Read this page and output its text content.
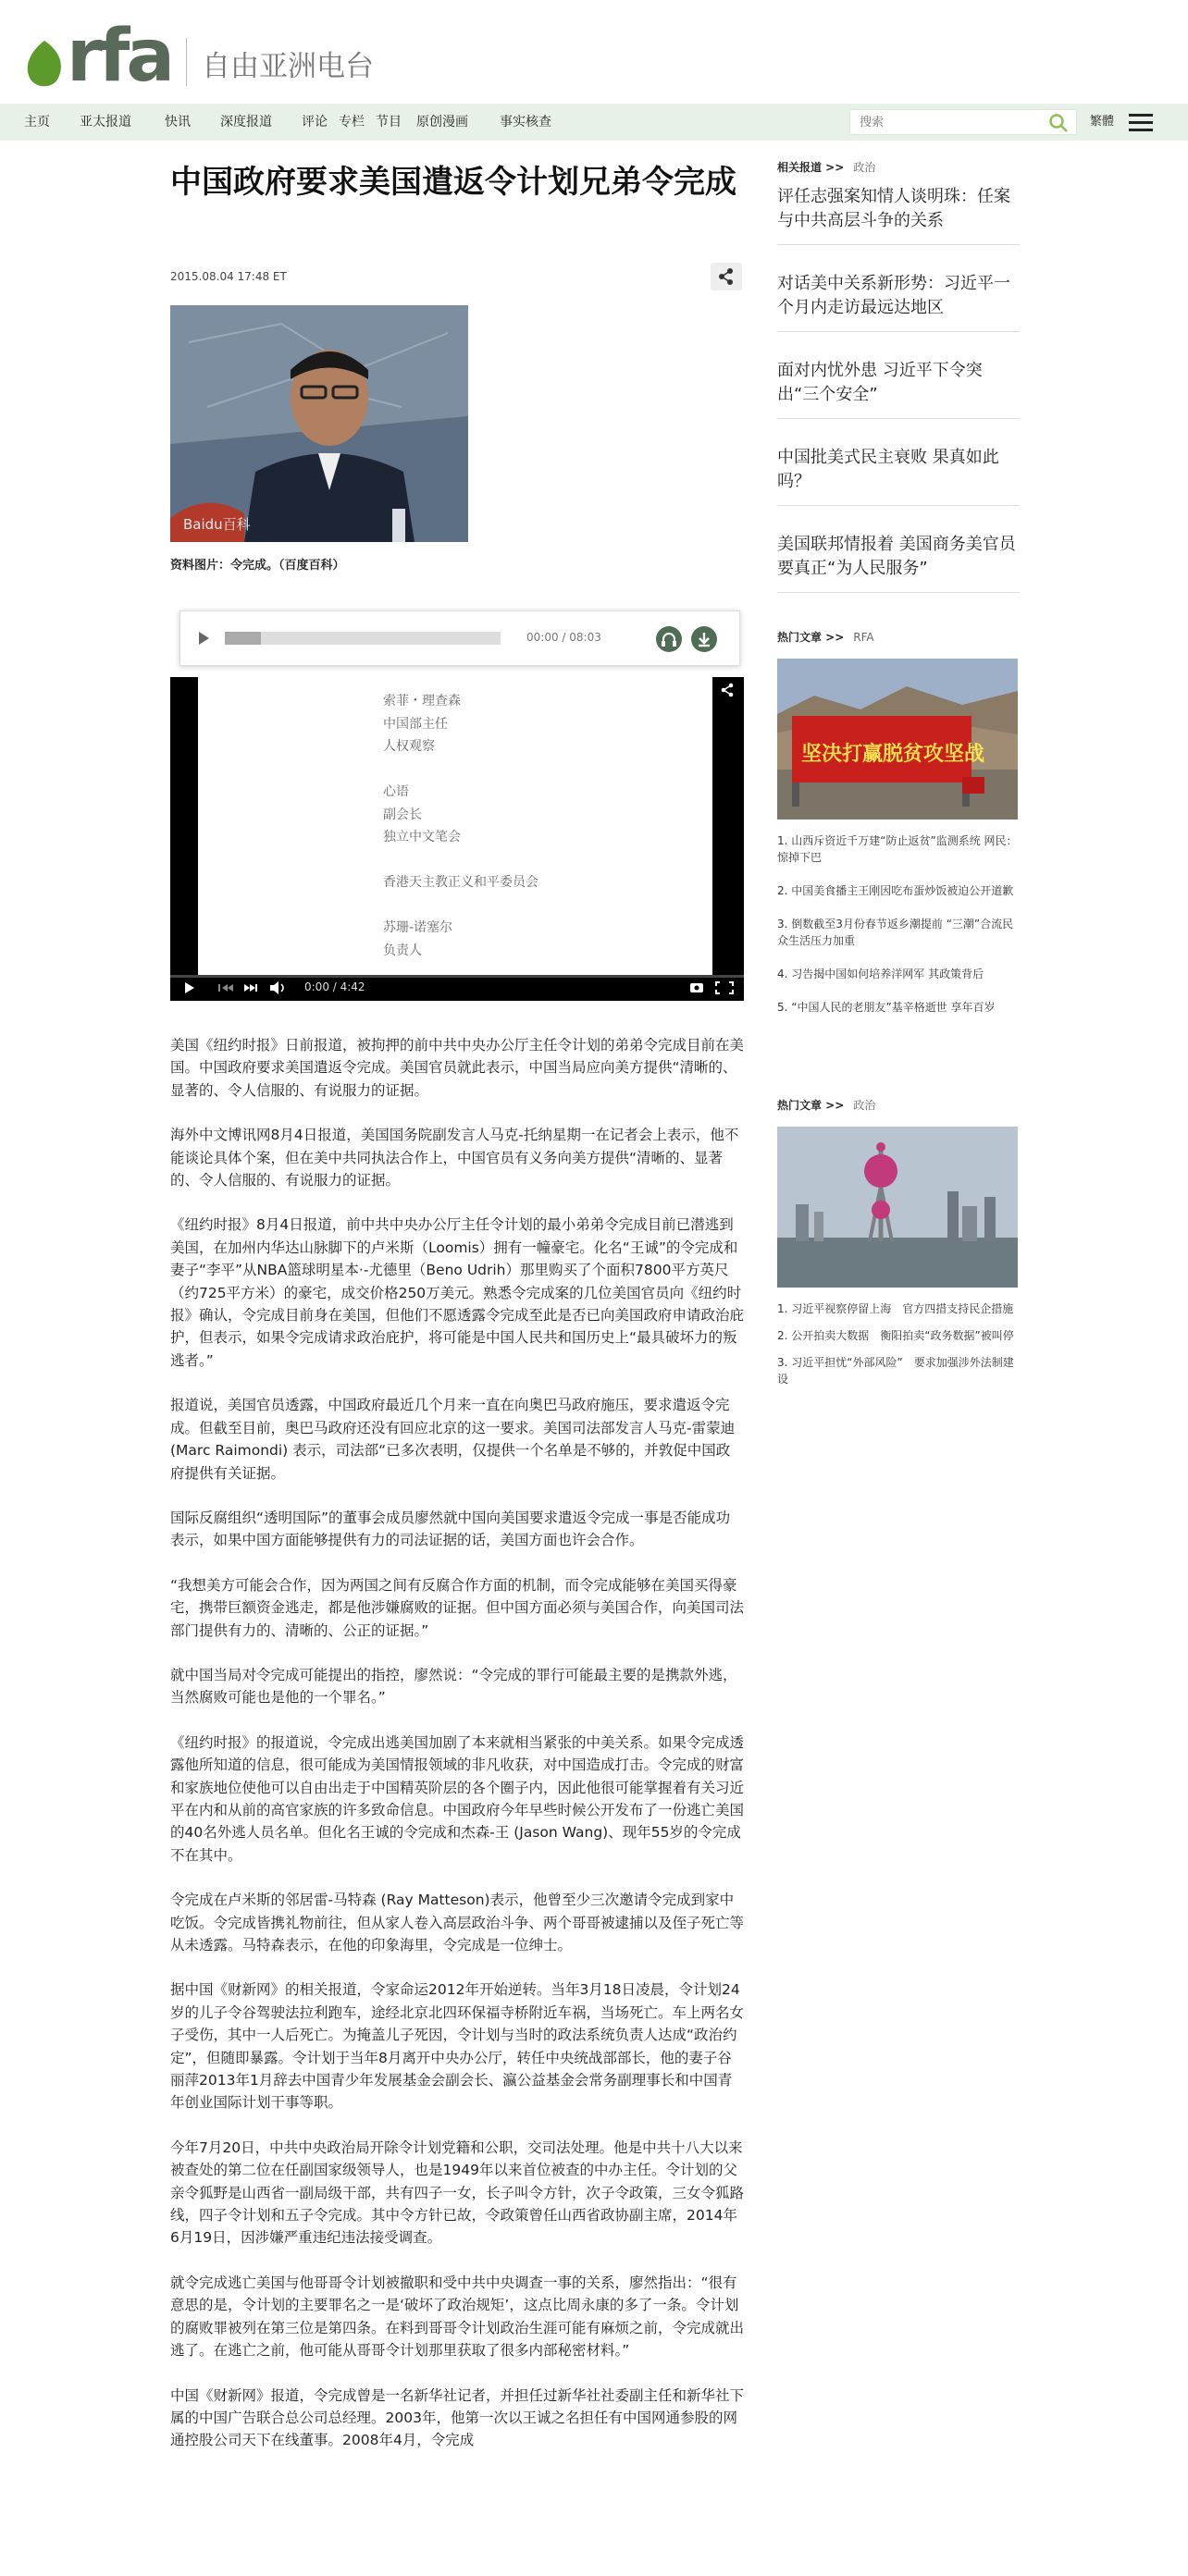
rfa 自由亚洲电台
主页 亚太报道	快讯 深度报道 评论 专栏 节目 原创漫画 事实核查
搜索	繁體
中国政府要求美国遣返令计划兄弟令完成
2015.08.04 17:48 ET
Baidu百科
资料图片：令完成。（百度百科）
00:00 / 08:03
索菲・理查森
中国部主任
人权观察

心语
副会长
独立中文笔会

香港天主教正义和平委员会

苏珊-诺塞尔
负责人
0:00 / 4:42

美国《纽约时报》日前报道，被拘押的前中共中央办公厅主任令计划的弟弟令完成目前在美国。中国政府要求美国遣返令完成。美国官员就此表示，中国当局应向美方提供“清晰的、显著的、令人信服的、有说服力的证据。

海外中文博讯网8月4日报道，美国国务院副发言人马克-托纳星期一在记者会上表示，他不能谈论具体个案，但在美中共同执法合作上，中国官员有义务向美方提供“清晰的、显著的、令人信服的、有说服力的证据。

《纽约时报》8月4日报道，前中共中央办公厅主任令计划的最小弟弟令完成目前已潜逃到美国，在加州内华达山脉脚下的卢米斯（Loomis）拥有一幢豪宅。化名“王诚”的令完成和妻子“李平”从NBA篮球明星本·-尤德里（Beno Udrih）那里购买了个面积7800平方英尺（约725平方米）的豪宅，成交价格250万美元。熟悉令完成案的几位美国官员向《纽约时报》确认，令完成目前身在美国，但他们不愿透露令完成至此是否已向美国政府申请政治庇护，但表示，如果令完成请求政治庇护，将可能是中国人民共和国历史上“最具破坏力的叛逃者。”

报道说，美国官员透露，中国政府最近几个月来一直在向奥巴马政府施压，要求遣返令完成。但截至目前，奥巴马政府还没有回应北京的这一要求。美国司法部发言人马克-雷蒙迪 (Marc Raimondi) 表示，司法部“已多次表明，仅提供一个名单是不够的，并敦促中国政府提供有关证据。

国际反腐组织“透明国际”的董事会成员廖然就中国向美国要求遣返令完成一事是否能成功表示，如果中国方面能够提供有力的司法证据的话，美国方面也许会合作。

“我想美方可能会合作，因为两国之间有反腐合作方面的机制，而令完成能够在美国买得豪宅，携带巨额资金逃走，都是他涉嫌腐败的证据。但中国方面必须与美国合作，向美国司法部门提供有力的、清晰的、公正的证据。”

就中国当局对令完成可能提出的指控，廖然说：“令完成的罪行可能最主要的是携款外逃，当然腐败可能也是他的一个罪名。”

《纽约时报》的报道说，令完成出逃美国加剧了本来就相当紧张的中美关系。如果令完成透露他所知道的信息，很可能成为美国情报领域的非凡收获，对中国造成打击。令完成的财富和家族地位使他可以自由出走于中国精英阶层的各个圈子内，因此他很可能掌握着有关习近平在内和从前的高官家族的许多致命信息。中国政府今年早些时候公开发布了一份逃亡美国的40名外逃人员名单。但化名王诚的令完成和杰森-王 (Jason Wang)、现年55岁的令完成不在其中。

令完成在卢米斯的邻居雷-马特森 (Ray Matteson)表示，他曾至少三次邀请令完成到家中吃饭。令完成皆携礼物前往，但从家人卷入高层政治斗争、两个哥哥被逮捕以及侄子死亡等从未透露。马特森表示，在他的印象海里，令完成是一位绅士。

据中国《财新网》的相关报道，令家命运2012年开始逆转。当年3月18日凌晨，令计划24岁的儿子令谷驾驶法拉利跑车，途经北京北四环保福寺桥附近车祸，当场死亡。车上两名女子受伤，其中一人后死亡。为掩盖儿子死因，令计划与当时的政法系统负责人达成“政治约定”，但随即暴露。令计划于当年8月离开中央办公厅，转任中央统战部部长，他的妻子谷丽萍2013年1月辞去中国青少年发展基金会副会长、瀛公益基金会常务副理事长和中国青年创业国际计划干事等职。

今年7月20日，中共中央政治局开除令计划党籍和公职，交司法处理。他是中共十八大以来被查处的第二位在任副国家级领导人，也是1949年以来首位被查的中办主任。令计划的父亲令狐野是山西省一副局级干部，共有四子一女，长子叫令方针，次子令政策，三女令狐路线，四子令计划和五子令完成。其中令方针已故，令政策曾任山西省政协副主席，2014年6月19日，因涉嫌严重违纪违法接受调查。

就令完成逃亡美国与他哥哥令计划被撤职和受中共中央调查一事的关系，廖然指出：“很有意思的是，令计划的主要罪名之一是‘破坏了政治规矩’，这点比周永康的多了一条。令计划的腐败罪被列在第三位是第四条。在料到哥哥令计划政治生涯可能有麻烦之前，令完成就出逃了。在逃亡之前，他可能从哥哥令计划那里获取了很多内部秘密材料。”

中国《财新网》报道，令完成曾是一名新华社记者，并担任过新华社社委副主任和新华社下属的中国广告联合总公司总经理。2003年，他第一次以王诚之名担任有中国网通参股的网通控股公司天下在线董事。2008年4月，令完成

相关报道 >> 政治
评任志强案知情人谈明珠：任案与中共高层斗争的关系
对话美中关系新形势：习近平一个月内走访最远达地区
面对内忧外患 习近平下令突出“三个安全”
中国批美式民主衰败 果真如此吗？
美国联邦情报着 美国商务美官员要真正“为人民服务”
热门文章 >> RFA
坚决打赢脱贫攻坚战
1. 山西斥资近千万建“防止返贫”监测系统 网民：惊掉下巴
2. 中国美食播主王刚因吃布蛋炒饭被迫公开道歉
3. 倒数截至3月份春节返乡潮提前 “三潮”合流民众生活压力加重
4. 习告揭中国如何培养洋网军 其政策背后
5. “中国人民的老朋友”基辛格逝世 享年百岁
热门文章 >> 政治
1. 习近平视察停留上海　官方四措支持民企措施
2. 公开拍卖大数据　衡阳拍卖“政务数据”被叫停
3. 习近平担忧“外部风险”　要求加强涉外法制建设
